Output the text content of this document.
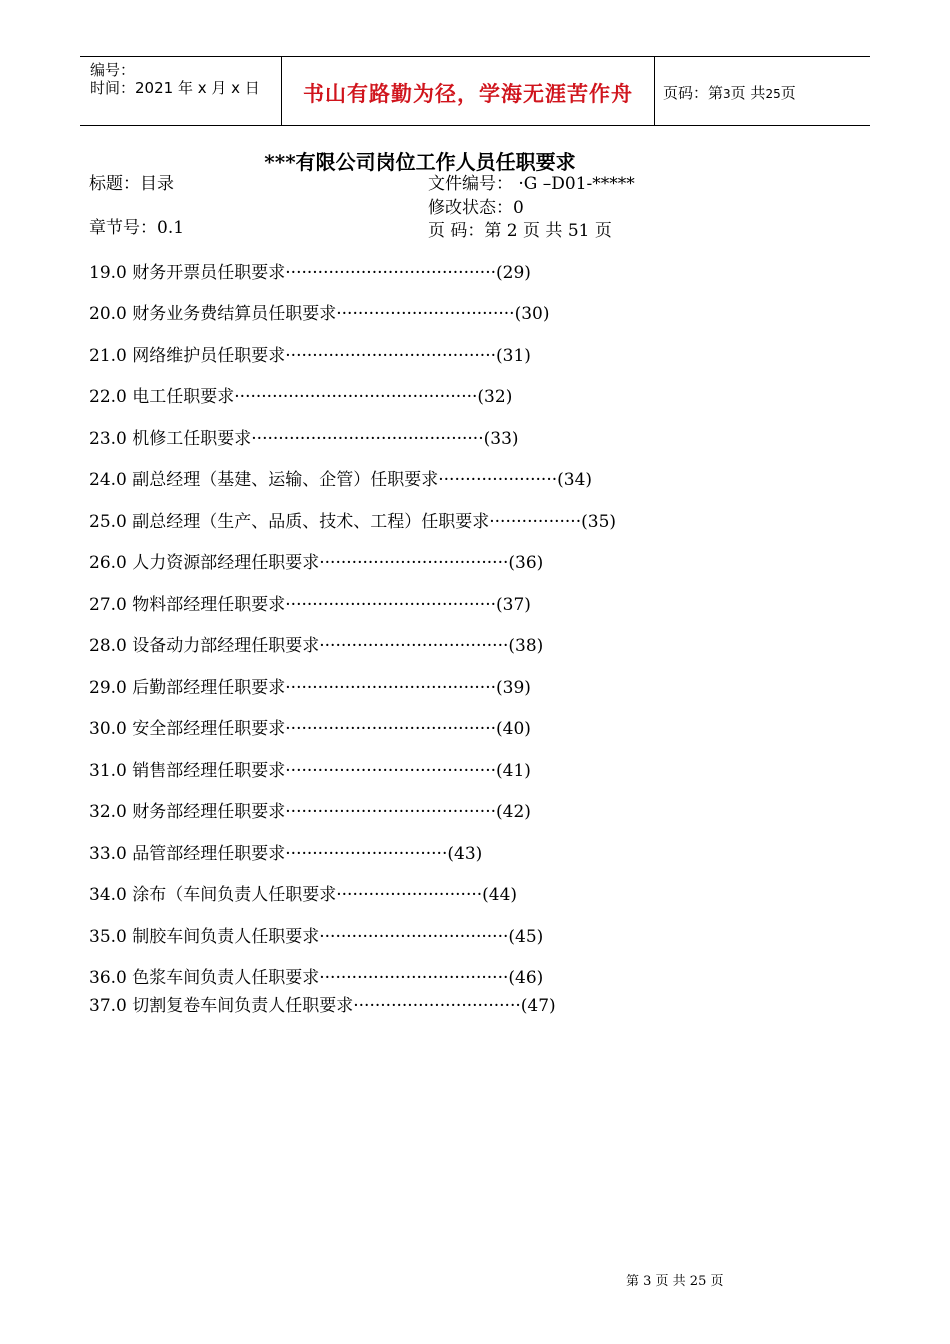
编号：
时间：2021 年 x 月 x 日	书山有路勤为径，学海无涯苦作舟	页码：第3页 共25页
***有限公司岗位工作人员任职要求
标题：目录	文件编号： ·G –D01-*****
修改状态：0
章节号：0.1	页 码：第 2 页 共 51 页
19.0 财务开票员任职要求·······································(29)
20.0 财务业务费结算员任职要求·································(30)
21.0 网络维护员任职要求·······································(31)
22.0 电工任职要求·············································(32)
23.0 机修工任职要求···········································(33)
24.0 副总经理（基建、运输、企管）任职要求······················(34)
25.0 副总经理（生产、品质、技术、工程）任职要求·················(35)
26.0 人力资源部经理任职要求···································(36)
27.0 物料部经理任职要求·······································(37)
28.0 设备动力部经理任职要求···································(38)
29.0 后勤部经理任职要求·······································(39)
30.0 安全部经理任职要求·······································(40)
31.0 销售部经理任职要求·······································(41)
32.0 财务部经理任职要求·······································(42)
33.0 品管部经理任职要求······························(43)
34.0 涂布（车间负责人任职要求···························(44)
35.0 制胶车间负责人任职要求···································(45)
36.0 色浆车间负责人任职要求···································(46)
37.0 切割复卷车间负责人任职要求·······························(47)
第 3 页 共 25 页
